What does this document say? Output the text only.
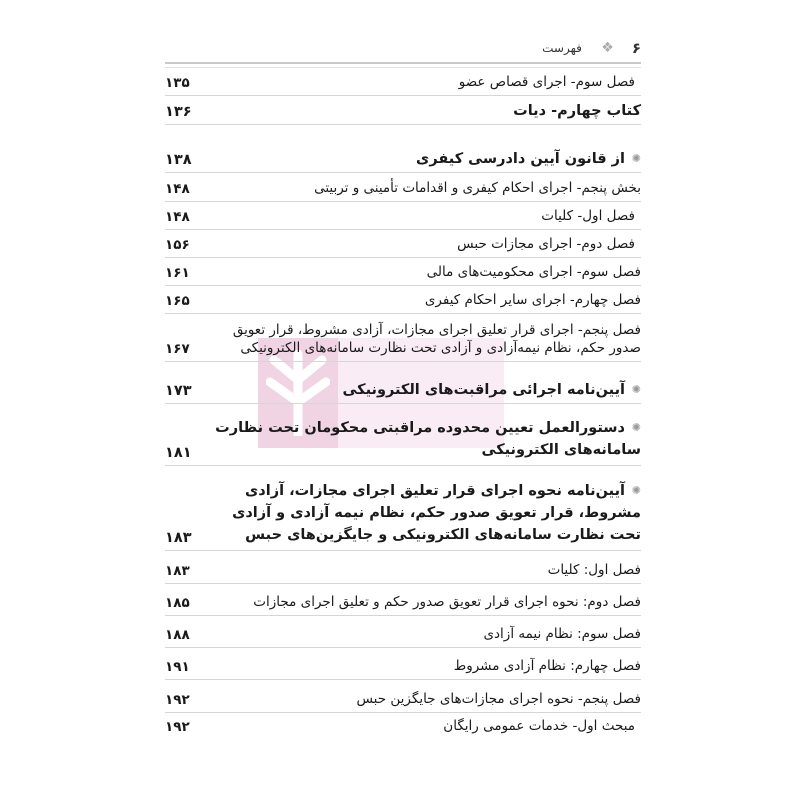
۶
❖
فهرست
فصل سوم- اجرای قصاص عضو
۱۳۵
کتاب چهارم- دیات
۱۳۶
✺از قانون آیین دادرسی کیفری
۱۳۸
بخش پنجم- اجرای احکام کیفری و اقدامات تأمینی و تربیتی
۱۴۸
فصل اول- کلیات
۱۴۸
فصل دوم- اجرای مجازات حبس
۱۵۶
فصل سوم- اجرای محکومیت‌های مالی
۱۶۱
فصل چهارم- اجرای سایر احکام کیفری
۱۶۵
فصل پنجم- اجرای قرار تعلیق اجرای مجازات، آزادی مشروط، قرار تعویق صدور حکم، نظام نیمه‌آزادی و آزادی تحت نظارت سامانه‌های الکترونیکی
۱۶۷
✺آیین‌نامه اجرائی مراقبت‌های الکترونیکی
۱۷۳
✺دستورالعمل تعیین محدوده مراقبتی محکومان تحت نظارت سامانه‌های الکترونیکی
۱۸۱
✺آیین‌نامه نحوه اجرای قرار تعلیق اجرای مجازات، آزادی مشروط، قرار تعویق صدور حکم، نظام نیمه آزادی و آزادی تحت نظارت سامانه‌های الکترونیکی و جایگزین‌های حبس
۱۸۳
فصل اول: کلیات
۱۸۳
فصل دوم: نحوه اجرای قرار تعویق صدور حکم و تعلیق اجرای مجازات
۱۸۵
فصل سوم: نظام نیمه آزادی
۱۸۸
فصل چهارم: نظام آزادی مشروط
۱۹۱
فصل پنجم- نحوه اجرای مجازات‌های جایگزین حبس
۱۹۲
مبحث اول- خدمات عمومی رایگان
۱۹۲
